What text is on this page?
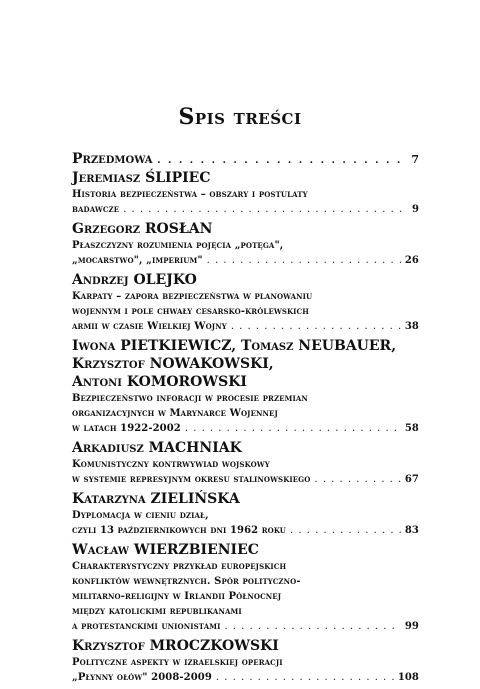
Spis treści
Przedmowa . . .	7
Jeremiasz ŚLIPIEC
Historia bezpieczeństwa – obszary i postulaty
badawcze . . .	9
Grzegorz ROSŁAN
Płaszczyzny rozumienia pojęcia „potęga",
„mocarstwo", „imperium" . . .	26
Andrzej OLEJKO
Karpaty – zapora bezpieczeństwa w planowaniu
wojennym i pole chwały cesarsko-królewskich
armii w czasie Wielkiej Wojny . . .	38
Iwona PIETKIEWICZ, Tomasz NEUBAUER,
Krzysztof NOWAKOWSKI,
Antoni KOMOROWSKI
Bezpieczeństwo inforacji w procesie przemian
organizacyjnych w Marynarce Wojennej
w latach 1922-2002 . . .	58
Arkadiusz MACHNIAK
Komunistyczny kontrwywiad wojskowy
w systemie represyjnym okresu stalinowskiego . . .	67
Katarzyna ZIELIŃSKA
Dyplomacja w cieniu dział,
czyli 13 październikowych dni 1962 roku . . .	83
Wacław WIERZBIENIEC
Charakterystyczny przykład europejskich
konfliktów wewnętrznych. Spór polityczno-
militarno-religijny w Irlandii Północnej
między katolickimi republikanami
a protestanckimi unionistami . . .	99
Krzysztof MROCZKOWSKI
Polityczne aspekty w izraelskiej operacji
„Płynny ołów" 2008-2009 . . .	108
